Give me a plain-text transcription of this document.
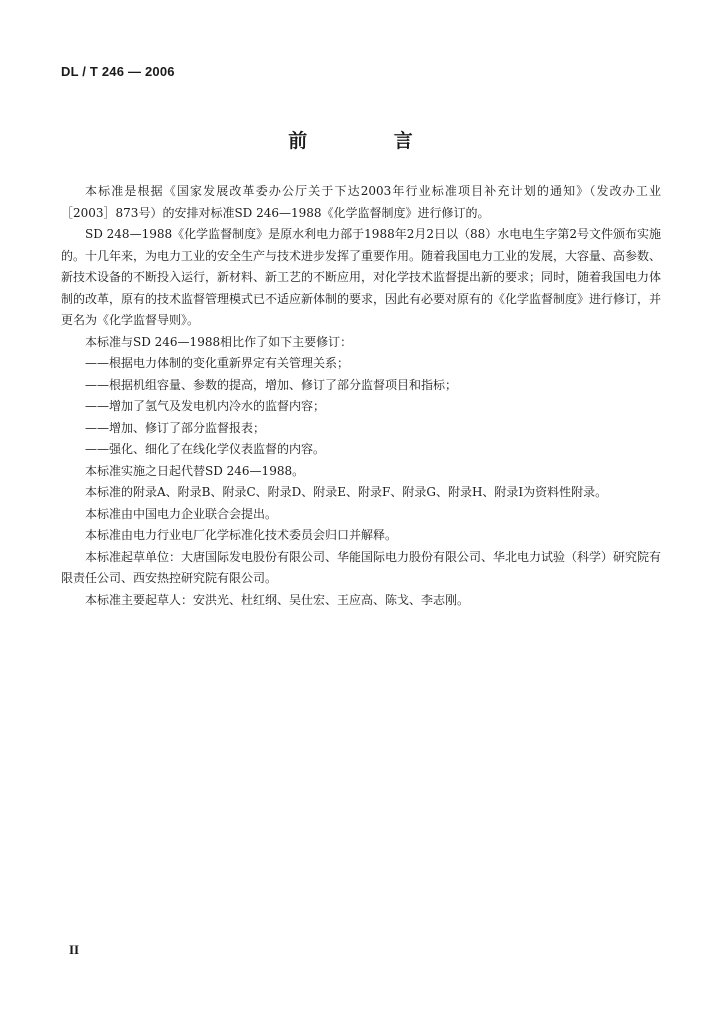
DL / T 246 — 2006
前 言

本标准是根据《国家发展改革委办公厅关于下达2003年行业标准项目补充计划的通知》（发改办工业［2003］873号）的安排对标准SD 246—1988《化学监督制度》进行修订的。

SD 248—1988《化学监督制度》是原水利电力部于1988年2月2日以（88）水电电生字第2号文件颁布实施的。十几年来，为电力工业的安全生产与技术进步发挥了重要作用。随着我国电力工业的发展，大容量、高参数、新技术设备的不断投入运行，新材料、新工艺的不断应用，对化学技术监督提出新的要求；同时，随着我国电力体制的改革，原有的技术监督管理模式已不适应新体制的要求，因此有必要对原有的《化学监督制度》进行修订，并更名为《化学监督导则》。

本标准与SD 246—1988相比作了如下主要修订：

——根据电力体制的变化重新界定有关管理关系；

——根据机组容量、参数的提高，增加、修订了部分监督项目和指标；

——增加了氢气及发电机内冷水的监督内容；

——增加、修订了部分监督报表；

——强化、细化了在线化学仪表监督的内容。

本标准实施之日起代替SD 246—1988。

本标准的附录A、附录B、附录C、附录D、附录E、附录F、附录G、附录H、附录I为资料性附录。

本标准由中国电力企业联合会提出。

本标准由电力行业电厂化学标准化技术委员会归口并解释。

本标准起草单位：大唐国际发电股份有限公司、华能国际电力股份有限公司、华北电力试验（科学）研究院有限责任公司、西安热控研究院有限公司。

本标准主要起草人：安洪光、杜红纲、吴仕宏、王应高、陈戈、李志刚。

II
